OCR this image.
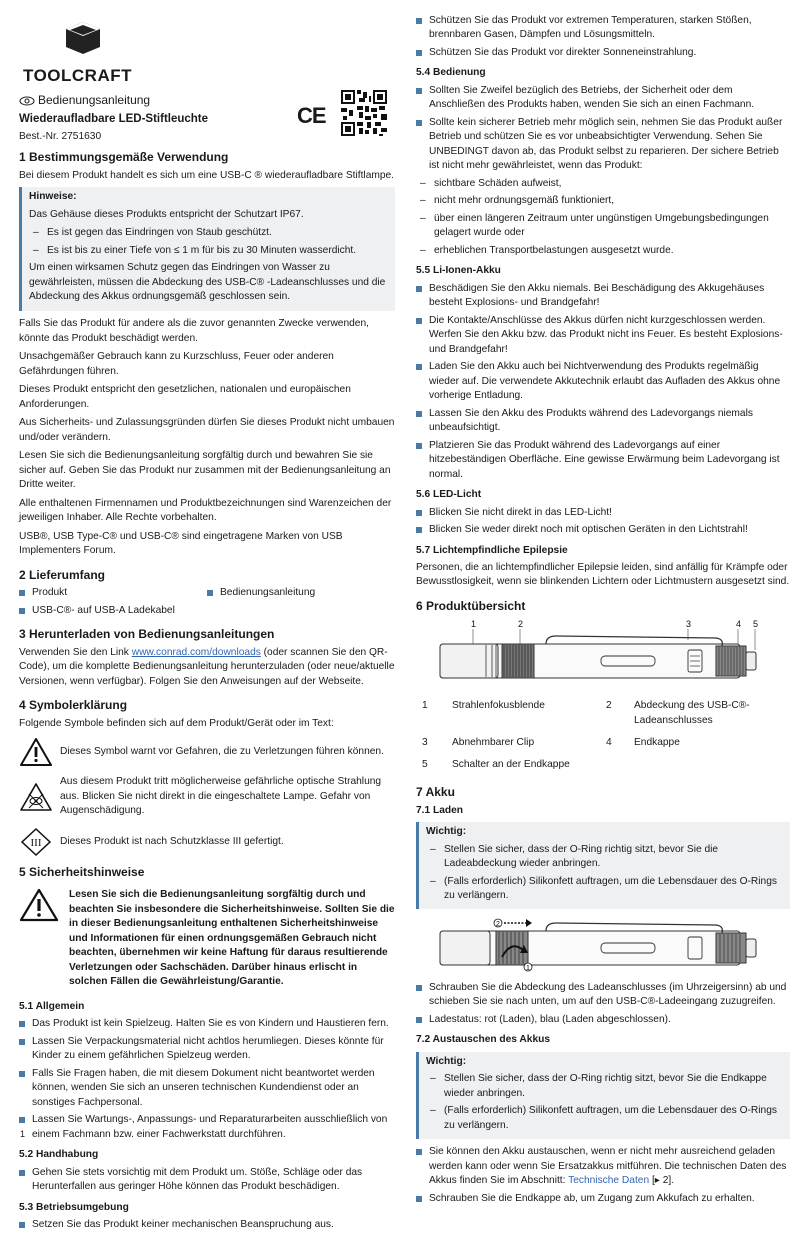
TOOLCRAFT
Bedienungsanleitung
Wiederaufladbare LED-Stiftleuchte
Best.-Nr. 2751630
CE
1 Bestimmungsgemäße Verwendung

Bei diesem Produkt handelt es sich um eine USB-C ® wiederaufladbare Stiftlampe.

Hinweise:

Das Gehäuse dieses Produkts entspricht der Schutzart IP67.

– Es ist gegen das Eindringen von Staub geschützt.
– Es ist bis zu einer Tiefe von ≤ 1 m für bis zu 30 Minuten wasserdicht.

Um einen wirksamen Schutz gegen das Eindringen von Wasser zu gewährleisten, müssen die Abdeckung des USB-C® -Ladeanschlusses und die Abdeckung des Akkus ordnungsgemäß geschlossen sein.

Falls Sie das Produkt für andere als die zuvor genannten Zwecke verwenden, könnte das Produkt beschädigt werden.

Unsachgemäßer Gebrauch kann zu Kurzschluss, Feuer oder anderen Gefährdungen führen.

Dieses Produkt entspricht den gesetzlichen, nationalen und europäischen Anforderungen.

Aus Sicherheits- und Zulassungsgründen dürfen Sie dieses Produkt nicht umbauen und/oder verändern.

Lesen Sie sich die Bedienungsanleitung sorgfältig durch und bewahren Sie sie sicher auf. Geben Sie das Produkt nur zusammen mit der Bedienungsanleitung an Dritte weiter.

Alle enthaltenen Firmennamen und Produktbezeichnungen sind Warenzeichen der jeweiligen Inhaber. Alle Rechte vorbehalten.

USB®, USB Type-C® und USB-C® sind eingetragene Marken von USB Implementers Forum.

2 Lieferumfang
Produkt
USB-C®- auf USB-A Ladekabel
Bedienungsanleitung
3 Herunterladen von Bedienungsanleitungen

Verwenden Sie den Link www.conrad.com/downloads (oder scannen Sie den QR-Code), um die komplette Bedienungsanleitung herunterzuladen (oder neue/aktuelle Versionen, wenn verfügbar). Folgen Sie den Anweisungen auf der Webseite.

4 Symbolerklärung

Folgende Symbole befinden sich auf dem Produkt/Gerät oder im Text:

Dieses Symbol warnt vor Gefahren, die zu Verletzungen führen können.
Aus diesem Produkt tritt möglicherweise gefährliche optische Strahlung aus. Blicken Sie nicht direkt in die eingeschaltete Lampe. Gefahr von Augenschädigung.
III Dieses Produkt ist nach Schutzklasse III gefertigt.
5 Sicherheitshinweise
Lesen Sie sich die Bedienungsanleitung sorgfältig durch und beachten Sie insbesondere die Sicherheitshinweise. Sollten Sie die in dieser Bedienungsanleitung enthaltenen Sicherheitshinweise und Informationen für einen ordnungsgemäßen Gebrauch nicht beachten, übernehmen wir keine Haftung für daraus resultierende Verletzungen oder Sachschäden. Darüber hinaus erlischt in solchen Fällen die Gewährleistung/Garantie.
5.1 Allgemein
Das Produkt ist kein Spielzeug. Halten Sie es von Kindern und Haustieren fern.
Lassen Sie Verpackungsmaterial nicht achtlos herumliegen. Dieses könnte für Kinder zu einem gefährlichen Spielzeug werden.
Falls Sie Fragen haben, die mit diesem Dokument nicht beantwortet werden können, wenden Sie sich an unseren technischen Kundendienst oder an sonstiges Fachpersonal.
Lassen Sie Wartungs-, Anpassungs- und Reparaturarbeiten ausschließlich von einem Fachmann bzw. einer Fachwerkstatt durchführen.
5.2 Handhabung
Gehen Sie stets vorsichtig mit dem Produkt um. Stöße, Schläge oder das Herunterfallen aus geringer Höhe können das Produkt beschädigen.
5.3 Betriebsumgebung
Setzen Sie das Produkt keiner mechanischen Beanspruchung aus.
Schützen Sie das Produkt vor extremen Temperaturen, starken Stößen, brennbaren Gasen, Dämpfen und Lösungsmitteln.
Schützen Sie das Produkt vor direkter Sonneneinstrahlung.
5.4 Bedienung
Sollten Sie Zweifel bezüglich des Betriebs, der Sicherheit oder dem Anschließen des Produkts haben, wenden Sie sich an einen Fachmann.
Sollte kein sicherer Betrieb mehr möglich sein, nehmen Sie das Produkt außer Betrieb und schützen Sie es vor unbeabsichtigter Verwendung. Sehen Sie UNBEDINGT davon ab, das Produkt selbst zu reparieren. Der sichere Betrieb ist nicht mehr gewährleistet, wenn das Produkt:
– sichtbare Schäden aufweist,
– nicht mehr ordnungsgemäß funktioniert,
– über einen längeren Zeitraum unter ungünstigen Umgebungsbedingungen gelagert wurde oder
– erheblichen Transportbelastungen ausgesetzt wurde.
5.5 Li-Ionen-Akku
Beschädigen Sie den Akku niemals. Bei Beschädigung des Akkugehäuses besteht Explosions- und Brandgefahr!
Die Kontakte/Anschlüsse des Akkus dürfen nicht kurzgeschlossen werden. Werfen Sie den Akku bzw. das Produkt nicht ins Feuer. Es besteht Explosions- und Brandgefahr!
Laden Sie den Akku auch bei Nichtverwendung des Produkts regelmäßig wieder auf. Die verwendete Akkutechnik erlaubt das Aufladen des Akkus ohne vorherige Entladung.
Lassen Sie den Akku des Produkts während des Ladevorgangs niemals unbeaufsichtigt.
Platzieren Sie das Produkt während des Ladevorgangs auf einer hitzebeständigen Oberfläche. Eine gewisse Erwärmung beim Ladevorgang ist normal.
5.6 LED-Licht
Blicken Sie nicht direkt in das LED-Licht!
Blicken Sie weder direkt noch mit optischen Geräten in den Lichtstrahl!
5.7 Lichtempfindliche Epilepsie

Personen, die an lichtempfindlicher Epilepsie leiden, sind anfällig für Krämpfe oder Bewusstlosigkeit, wenn sie blinkenden Lichtern oder Lichtmustern ausgesetzt sind.

6 Produktübersicht
1	2	3	4 5
1	Strahlenfokusblende	2	Abdeckung des USB-C®-Ladeanschlusses
3	Abnehmbarer Clip	4	Endkappe
5	Schalter an der Endkappe		
7 Akku
7.1 Laden
Wichtig:
– Stellen Sie sicher, dass der O-Ring richtig sitzt, bevor Sie die Ladeabdeckung wieder anbringen.
– (Falls erforderlich) Silikonfett auftragen, um die Lebensdauer des O-Rings zu verlängern.
2
1
Schrauben Sie die Abdeckung des Ladeanschlusses (im Uhrzeigersinn) ab und schieben Sie sie nach unten, um auf den USB-C®-Ladeeingang zuzugreifen.
Ladestatus: rot (Laden), blau (Laden abgeschlossen).
7.2 Austauschen des Akkus
Wichtig:
– Stellen Sie sicher, dass der O-Ring richtig sitzt, bevor Sie die Endkappe wieder anbringen.
– (Falls erforderlich) Silikonfett auftragen, um die Lebensdauer des O-Rings zu verlängern.
Sie können den Akku austauschen, wenn er nicht mehr ausreichend geladen werden kann oder wenn Sie Ersatzakkus mitführen. Die technischen Daten des Akkus finden Sie im Abschnitt: Technische Daten [▸ 2].
Schrauben Sie die Endkappe ab, um Zugang zum Akkufach zu erhalten.
1
